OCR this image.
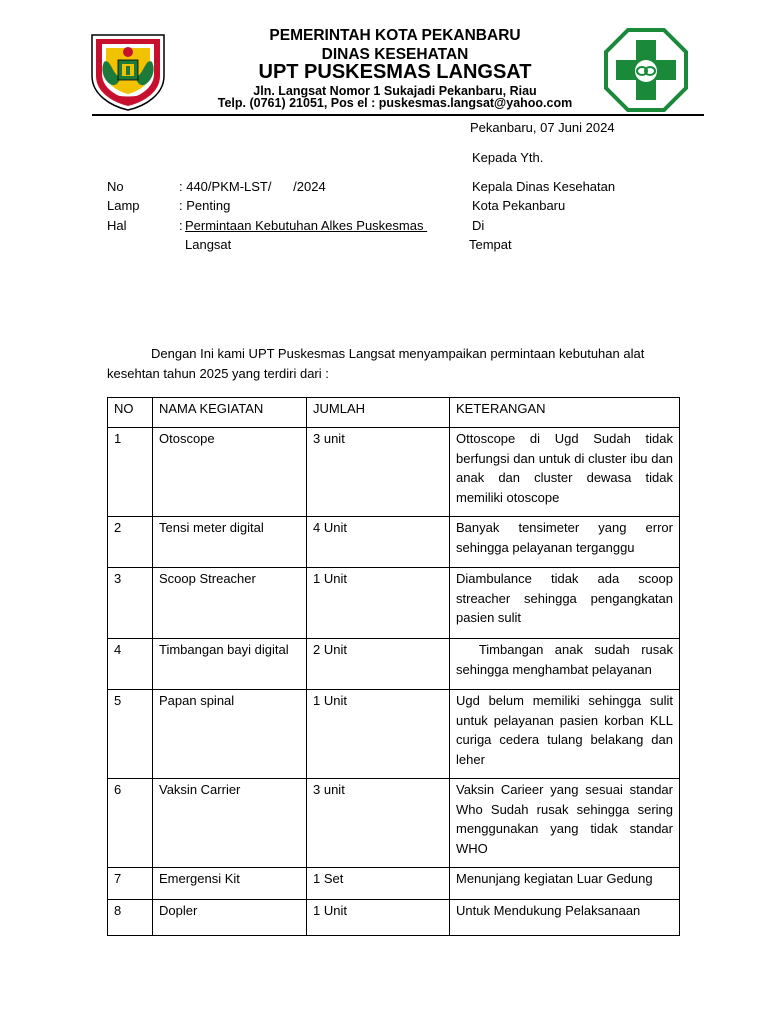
PEMERINTAH KOTA PEKANBARU
DINAS KESEHATAN
UPT PUSKESMAS LANGSAT
Jln. Langsat Nomor 1 Sukajadi Pekanbaru, Riau
Telp. (0761) 21051, Pos el : puskesmas.langsat@yahoo.com
Pekanbaru, 07 Juni 2024
Kepada Yth.
Kepala Dinas Kesehatan
Kota Pekanbaru
Di
Tempat
No	: 440/PKM-LST/      /2024
Lamp	: Penting
Hal	: Permintaan Kebutuhan Alkes Puskesmas
Langsat
Dengan Ini kami UPT Puskesmas Langsat menyampaikan permintaan kebutuhan alat
kesehtan tahun 2025 yang terdiri dari :
NO	NAMA KEGIATAN	JUMLAH	KETERANGAN
1	Otoscope	3 unit	Ottoscope di Ugd Sudah tidak berfungsi dan untuk di cluster ibu dan anak dan cluster dewasa tidak memiliki otoscope
2	Tensi meter digital	4 Unit	Banyak tensimeter yang error sehingga pelayanan terganggu
3	Scoop Streacher	1 Unit	Diambulance tidak ada scoop streacher sehingga pengangkatan pasien sulit
4	Timbangan bayi digital	2 Unit	Timbangan anak sudah rusak sehingga menghambat pelayanan
5	Papan spinal	1 Unit	Ugd belum memiliki sehingga sulit untuk pelayanan pasien korban KLL curiga cedera tulang belakang dan leher
6	Vaksin Carrier	3 unit	Vaksin Carieer yang sesuai standar Who Sudah rusak sehingga sering menggunakan yang tidak standar WHO
7	Emergensi Kit	1 Set	Menunjang kegiatan Luar Gedung
8	Dopler	1 Unit	Untuk Mendukung Pelaksanaan
